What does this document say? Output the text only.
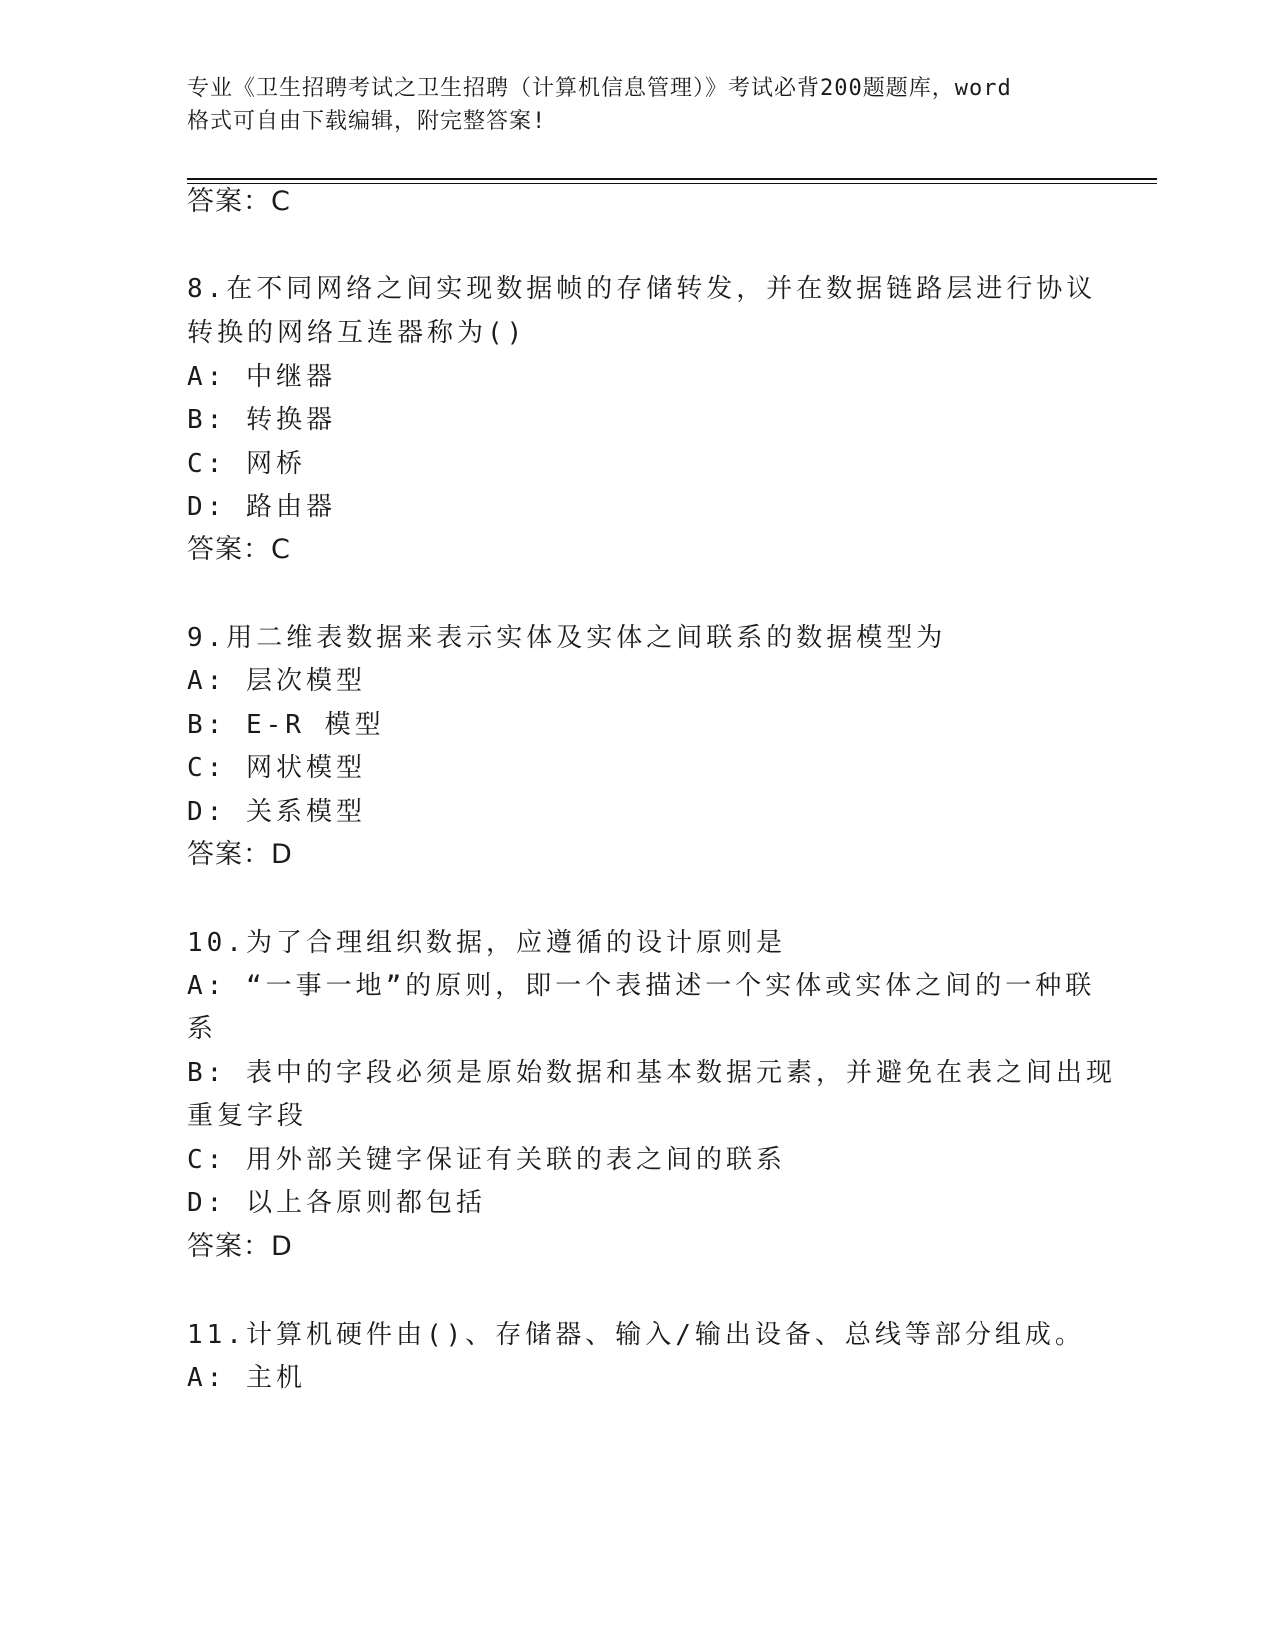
专业《卫生招聘考试之卫生招聘（计算机信息管理）》考试必背200题题库，word
格式可自由下载编辑，附完整答案!
答案：C
8.在不同网络之间实现数据帧的存储转发，并在数据链路层进行协议
转换的网络互连器称为()
A: 中继器
B: 转换器
C: 网桥
D: 路由器
答案：C
9.用二维表数据来表示实体及实体之间联系的数据模型为
A: 层次模型
B: E-R 模型
C: 网状模型
D: 关系模型
答案：D
10.为了合理组织数据，应遵循的设计原则是
A: “一事一地”的原则，即一个表描述一个实体或实体之间的一种联
系
B: 表中的字段必须是原始数据和基本数据元素，并避免在表之间出现
重复字段
C: 用外部关键字保证有关联的表之间的联系
D: 以上各原则都包括
答案：D
11.计算机硬件由()、存储器、输入/输出设备、总线等部分组成。
A: 主机
